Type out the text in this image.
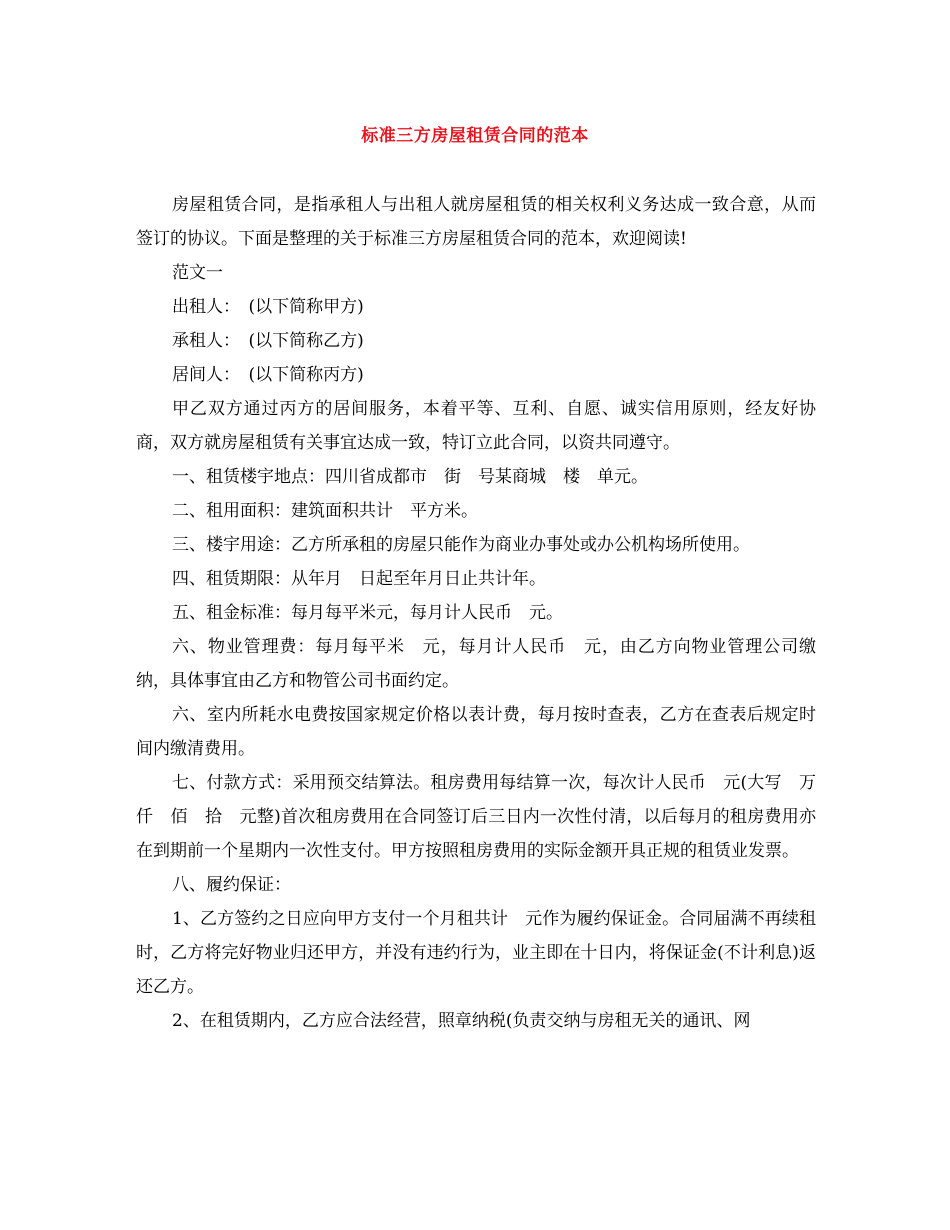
标准三方房屋租赁合同的范本

房屋租赁合同，是指承租人与出租人就房屋租赁的相关权利义务达成一致合意，从而签订的协议。下面是整理的关于标准三方房屋租赁合同的范本，欢迎阅读!

范文一

出租人：　(以下简称甲方)

承租人：　(以下简称乙方)

居间人：　(以下简称丙方)

甲乙双方通过丙方的居间服务，本着平等、互利、自愿、诚实信用原则，经友好协商，双方就房屋租赁有关事宜达成一致，特订立此合同，以资共同遵守。

一、租赁楼宇地点：四川省成都市　街　号某商城　楼　单元。

二、租用面积：建筑面积共计　平方米。

三、楼宇用途：乙方所承租的房屋只能作为商业办事处或办公机构场所使用。

四、租赁期限：从年月　日起至年月日止共计年。

五、租金标准：每月每平米元，每月计人民币　元。

六、物业管理费：每月每平米　元，每月计人民币　元，由乙方向物业管理公司缴纳，具体事宜由乙方和物管公司书面约定。

六、室内所耗水电费按国家规定价格以表计费，每月按时查表，乙方在查表后规定时间内缴清费用。

七、付款方式：采用预交结算法。租房费用每结算一次，每次计人民币　元(大写　万　仟　佰　拾　元整)首次租房费用在合同签订后三日内一次性付清，以后每月的租房费用亦在到期前一个星期内一次性支付。甲方按照租房费用的实际金额开具正规的租赁业发票。

八、履约保证：

1、乙方签约之日应向甲方支付一个月租共计　元作为履约保证金。合同届满不再续租时，乙方将完好物业归还甲方，并没有违约行为，业主即在十日内，将保证金(不计利息)返还乙方。

2、在租赁期内，乙方应合法经营，照章纳税(负责交纳与房租无关的通讯、网
